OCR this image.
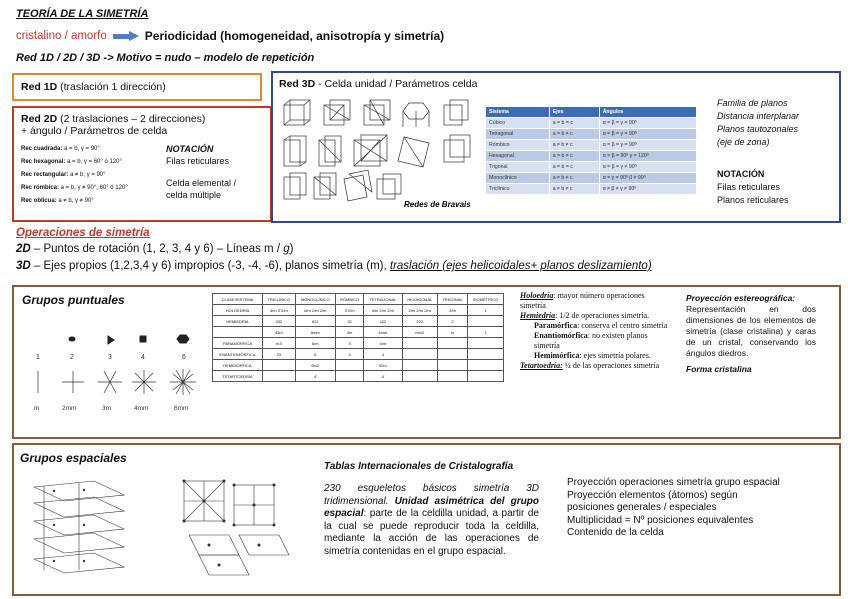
TEORÍA DE LA SIMETRÍA
cristalino / amorfo	Periodicidad (homogeneidad, anisotropía y simetría)
Red 1D / 2D / 3D -> Motivo = nudo – modelo de repetición
Red 1D (traslación 1 dirección)
Red 2D (2 traslaciones – 2 direcciones)
+ ángulo / Parámetros de celda
Rec cuadrada: a = b, γ = 90°
Rec hexagonal: a = b, γ = 60° ó 120°
Rec rectangular: a ≠ b, γ = 90°
Rec rómbica: a = b, γ ≠ 90°, 60° ó 120°
Rec oblicua: a ≠ b, γ ≠ 90°
NOTACIÓN
Filas reticulares
Celda elemental /
celda múltiple
Red 3D - Celda unidad / Parámetros celda
Redes de Bravais
Sistema	Ejes	Ángulos
Cúbico	a = b = c	α = β = γ = 90º
Tetragonal	a = b ≠ c	α = β = γ = 90º
Rómbico	a ≠ b ≠ c	α = β = γ = 90º
Hexagonal	a = b ≠ c	α = β = 90º γ = 120º
Trigonal	a = b = c	α = β = γ ≠ 90º
Monoclínico	a ≠ b ≠ c	α = γ = 90º β ≠ 90º
Triclínico	a ≠ b ≠ c	α ≠ β ≠ γ ≠ 90º
Familia de planos
Distancia interplanar
Planos tautozonales
(eje de zona)
NOTACIÓN
Filas reticulares
Planos reticulares
Operaciones de simetría
2D – Puntos de rotación (1, 2, 3, 4 y 6) – Líneas m / g)
3D – Ejes propios (1,2,3,4 y 6) impropios (-3, -4, -6), planos simetría (m), traslación (ejes helicoidales+ planos deslizamiento)
Grupos puntuales
1	2	3	4	6
m	2mm	3m	4mm	6mm
CLASE/SISTEMA	TRICLÍNICO	MONOCLÍNICO	RÓMBICO	TETRAGONAL	HEXAGONAL	TRIGONAL	ISOMÉTRICO
HOLOEDRÍA	4/m 3̄ 2/m	6/m 2/m 2/m	3̄ 2/m	4/m 2/m 2/m	2/m 2/m 2/m	2/m	1̄
HEMIEDRÍA	432	622	32	422	222	2	
	4̄3m	6mm	3m	4mm	mm2	m	1
PARAMÓRFICA	m3̄	6/m	3̄	4/m			
ENANTIOMÓRFICA	23	6	3	4			
HEMIMÓRFICA		6̄m2		4̄2m			
TETARTOEDRÍA		6̄		4̄			
Holoedría: mayor número operaciones simetría
Hemiedría: 1/2 de operaciones simetría.
Paramórfica: conserva el centro simetría
Enantiomórfica: no existen planos simetría
Hemimórfica: ejes simetría polares.
Tetartoedría: ¼ de las operaciones simetría
Proyección estereográfica:
Representación en dos dimensiones de los elementos de simetría (clase cristalina) y caras de un cristal, conservando los ángulos diedros.
Forma cristalina
Grupos espaciales
Tablas Internacionales de Cristalografía
230 esqueletos básicos simetría 3D tridimensional. Unidad asimétrica del grupo espacial: parte de la celdilla unidad, a partir de la cual se puede reproducir toda la celdilla, mediante la acción de las operaciones de simetría contenidas en el grupo espacial.
Proyección operaciones simetría grupo espacial
Proyección elementos (átomos) según
posiciones generales / especiales
Multiplicidad = Nº posiciones equivalentes
Contenido de la celda
